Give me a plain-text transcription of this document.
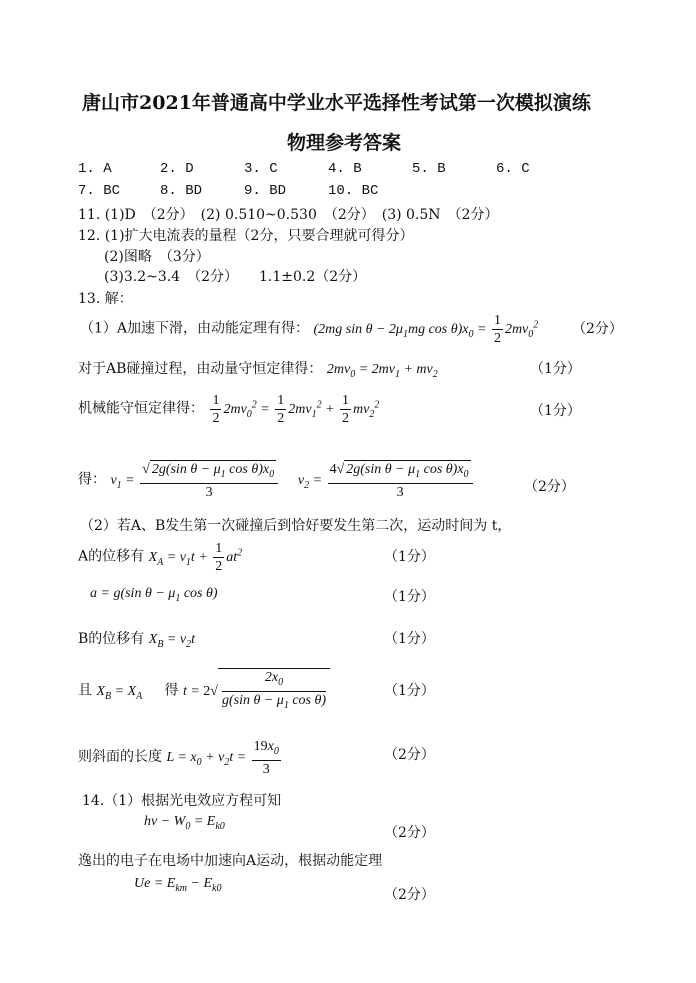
唐山市2021年普通高中学业水平选择性考试第一次模拟演练
物理参考答案
1. A	2. D	3. C	4. B	5. B	6. C
7. BC	8. BD	9. BD	10. BC
11. (1)D　（2分）　(2) 0.510~0.530　（2分）　(3) 0.5N　（2分）
12. (1)扩大电流表的量程（2分，只要合理就可得分）
(2)图略　（3分）
(3)3.2~3.4　（2分）　　1.1±0.2（2分）
13. 解：
（1）A加速下滑，由动能定理有得： (2mg $\sin \theta - 2\mu_1mg$ $\cos \theta)x_0 = \frac{1}{2} 2mv_0^2$ （2分）
对于AB碰撞过程，由动量守恒定律得： $2mv_0 = 2mv_1 + mv_2$	（1分）
机械能守恒定律得： $\frac{1}{2} 2mv_0^2 = \frac{1}{2} 2mv_1^2 + \frac{1}{2} mv_2^2$	（1分）
得： $v_1 = \frac{√ 2g(\sin \theta - \mu_1 \cos \theta)x_0}{3} v_2 = \frac{4√ 2g(\sin \theta - \mu_1 \cos \theta)x_0}{3}$	（2分）
（2）若A、B发生第一次碰撞后到恰好要发生第二次，运动时间为 t，
A的位移有 $X_A = v_1t + \frac{1}{2} at^2$	（1分）
a = g(sin $\theta - \mu_1$ cos θ)	（1分）
B的位移有 $X_B = v_2t$	（1分）
且 $X_B = X_A$ 得 $t = 2√ \frac{2x_0}{g(\sin \theta - \mu_1 \cos \theta)}$	（1分）
则斜面的长度 $L = x_0 + v_2t = \frac{19x_0}{3}$	（2分）
14.（1）根据光电效应方程可知
$h\nu - W_0 = E_{k0}$	（2分）
逸出的电子在电场中加速向A运动，根据动能定理
$Ue = E_{km} - E_{k0}$	（2分）
